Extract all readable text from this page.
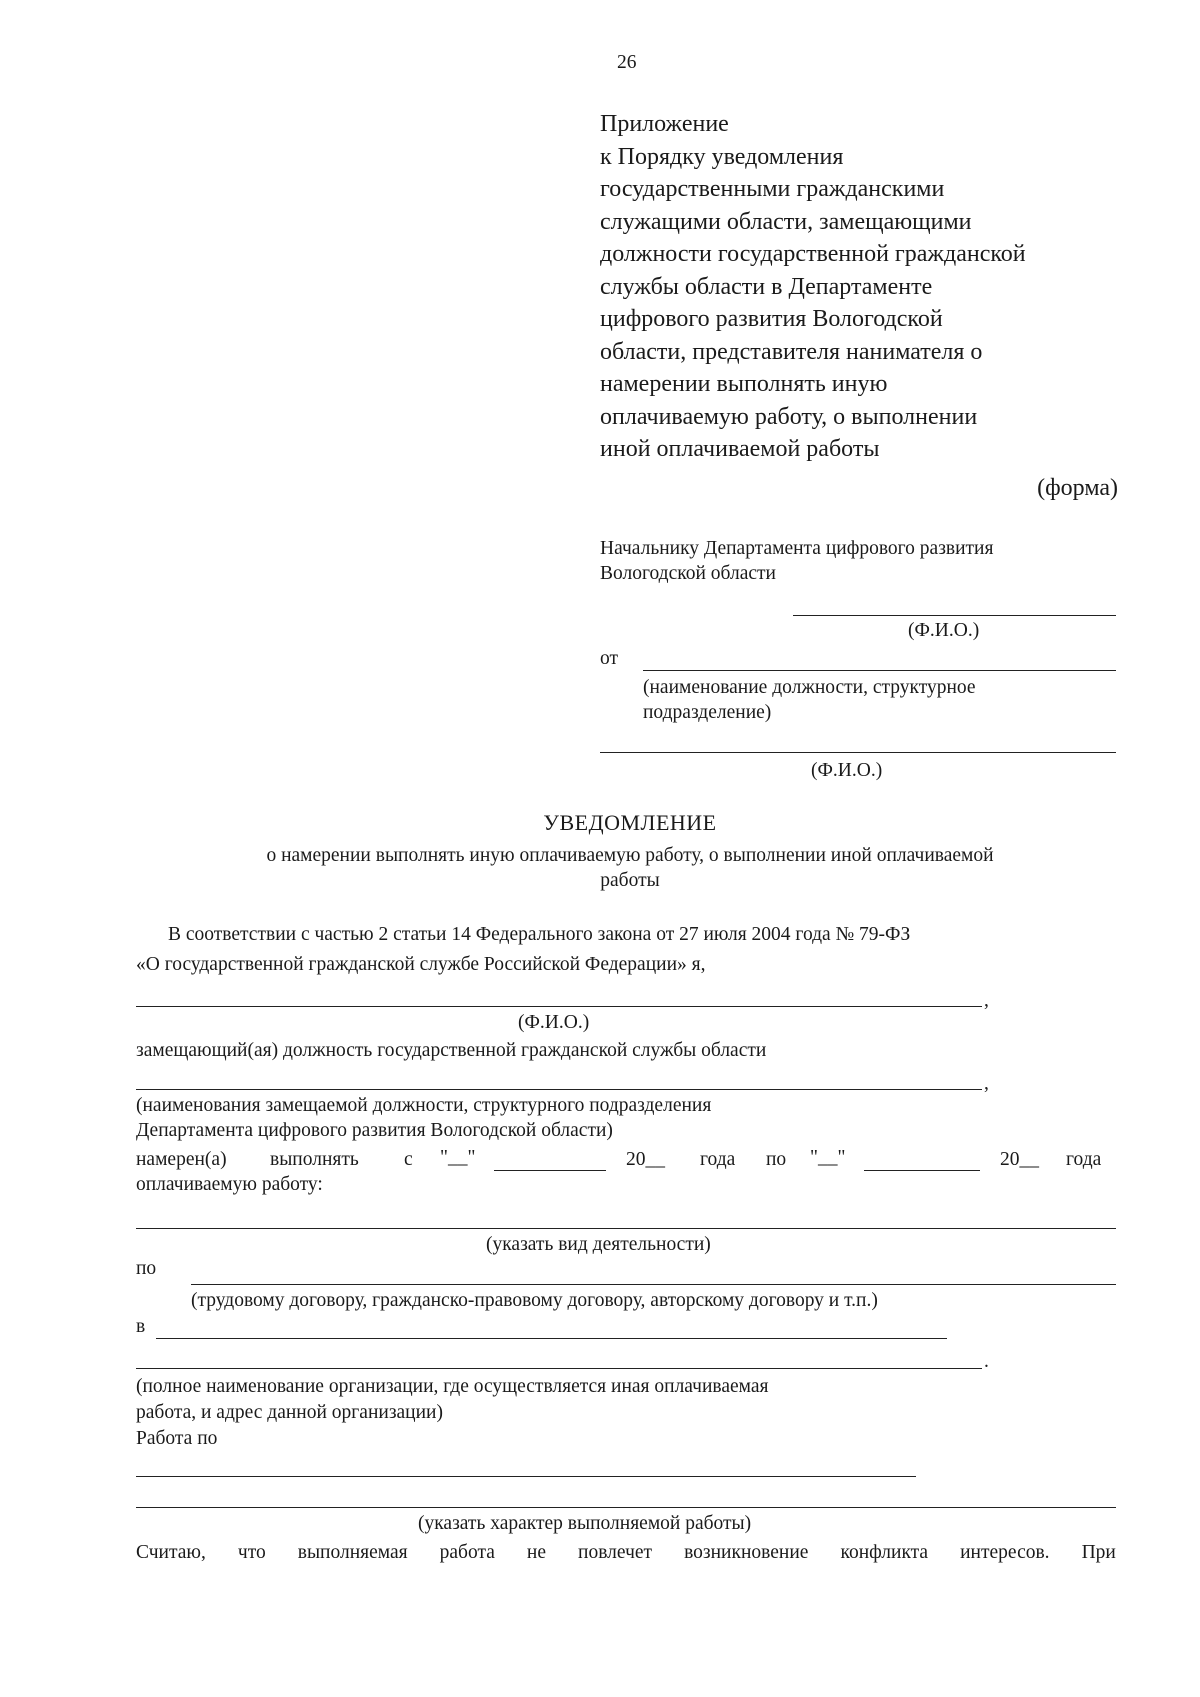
26
Приложение
к Порядку уведомления
государственными гражданскими
служащими области, замещающими
должности государственной гражданской
службы области в Департаменте
цифрового развития Вологодской
области, представителя нанимателя о
намерении выполнять иную
оплачиваемую работу, о выполнении
иной оплачиваемой работы
(форма)
Начальнику Департамента цифрового развития
Вологодской области
(Ф.И.О.)
от
(наименование должности, структурное
подразделение)
(Ф.И.О.)
УВЕДОМЛЕНИЕ
о намерении выполнять иную оплачиваемую работу, о выполнении иной оплачиваемой
работы
В соответствии с частью 2 статьи 14 Федерального закона от 27 июля 2004 года № 79-ФЗ
«О государственной гражданской службе Российской Федерации» я,
,
(Ф.И.О.)
замещающий(ая) должность государственной гражданской службы области
,
(наименования замещаемой должности, структурного подразделения
Департамента цифрового развития Вологодской области)
намерен(а) выполнять с "__"	20__ года по "__"	20__ года
оплачиваемую работу:
(указать вид деятельности)
по
(трудовому договору, гражданско-правовому договору, авторскому договору и т.п.)
в
.
(полное наименование организации, где осуществляется иная оплачиваемая
работа, и адрес данной организации)
Работа по
(указать характер выполняемой работы)
Считаю, что выполняемая работа не повлечет возникновение конфликта интересов. При
